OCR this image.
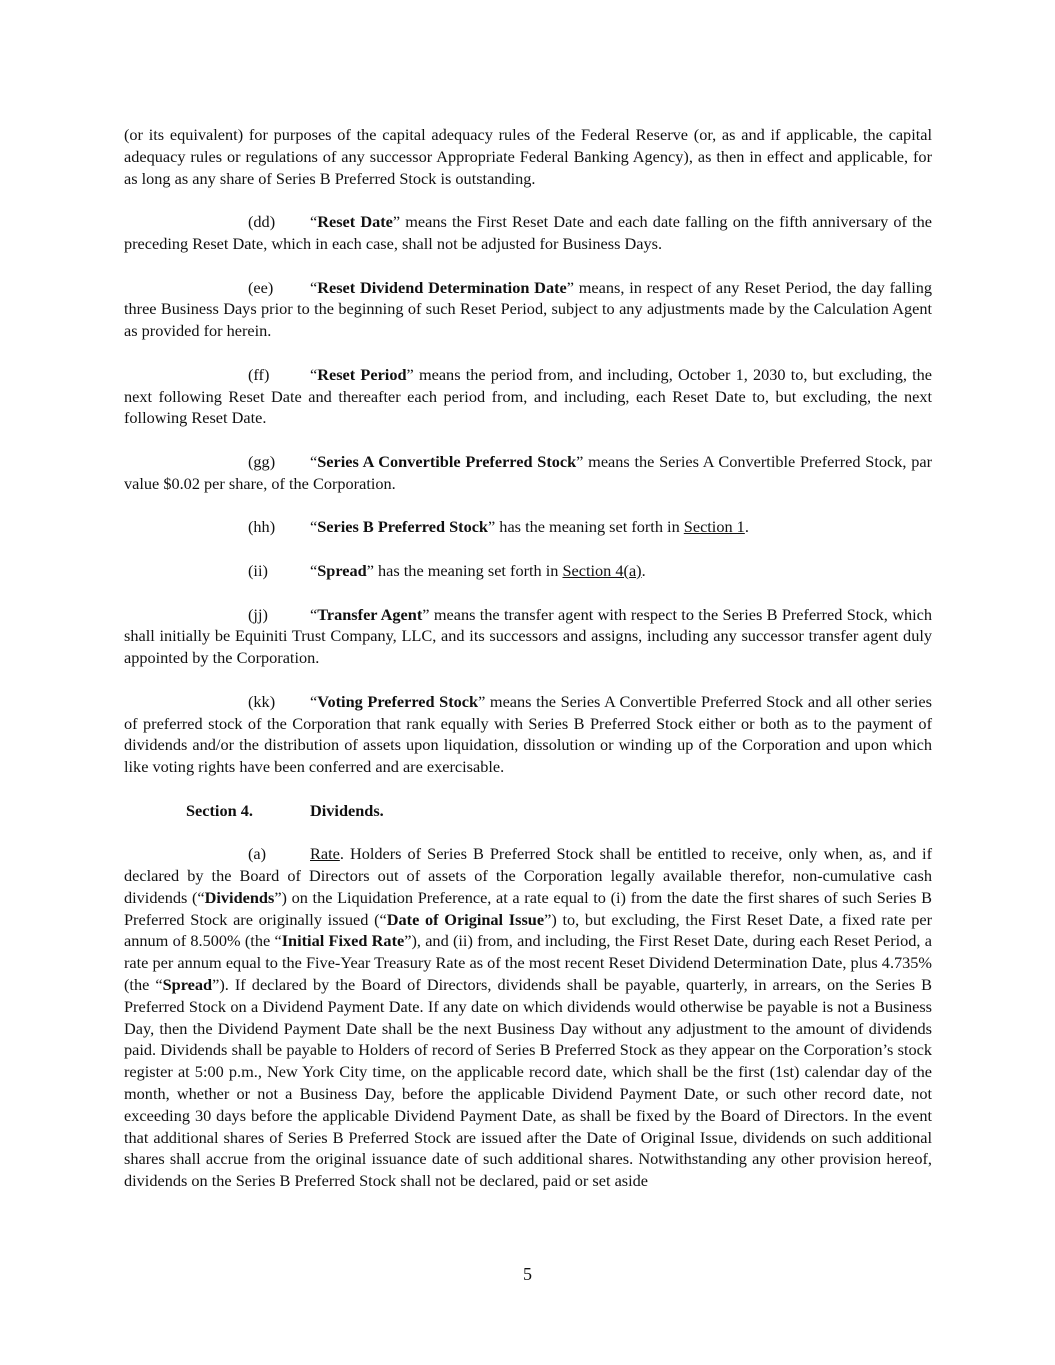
(or its equivalent) for purposes of the capital adequacy rules of the Federal Reserve (or, as and if applicable, the capital adequacy rules or regulations of any successor Appropriate Federal Banking Agency), as then in effect and applicable, for as long as any share of Series B Preferred Stock is outstanding.

(dd) “Reset Date” means the First Reset Date and each date falling on the fifth anniversary of the preceding Reset Date, which in each case, shall not be adjusted for Business Days.

(ee) “Reset Dividend Determination Date” means, in respect of any Reset Period, the day falling three Business Days prior to the beginning of such Reset Period, subject to any adjustments made by the Calculation Agent as provided for herein.

(ff) “Reset Period” means the period from, and including, October 1, 2030 to, but excluding, the next following Reset Date and thereafter each period from, and including, each Reset Date to, but excluding, the next following Reset Date.

(gg) “Series A Convertible Preferred Stock” means the Series A Convertible Preferred Stock, par value $0.02 per share, of the Corporation.

(hh) “Series B Preferred Stock” has the meaning set forth in Section 1.

(ii)	“Spread” has the meaning set forth in Section 4(a).

(jj)	“Transfer Agent” means the transfer agent with respect to the Series B Preferred Stock, which shall initially be Equiniti Trust Company, LLC, and its successors and assigns, including any successor transfer agent duly appointed by the Corporation.

(kk) “Voting Preferred Stock” means the Series A Convertible Preferred Stock and all other series of preferred stock of the Corporation that rank equally with Series B Preferred Stock either or both as to the payment of dividends and/or the distribution of assets upon liquidation, dissolution or winding up of the Corporation and upon which like voting rights have been conferred and are exercisable.

Section 4.	Dividends.

(a)	Rate. Holders of Series B Preferred Stock shall be entitled to receive, only when, as, and if declared by the Board of Directors out of assets of the Corporation legally available therefor, non-cumulative cash dividends (“Dividends”) on the Liquidation Preference, at a rate equal to (i) from the date the first shares of such Series B Preferred Stock are originally issued (“Date of Original Issue”) to, but excluding, the First Reset Date, a fixed rate per annum of 8.500% (the “Initial Fixed Rate”), and (ii) from, and including, the First Reset Date, during each Reset Period, a rate per annum equal to the Five-Year Treasury Rate as of the most recent Reset Dividend Determination Date, plus 4.735% (the “Spread”). If declared by the Board of Directors, dividends shall be payable, quarterly, in arrears, on the Series B Preferred Stock on a Dividend Payment Date. If any date on which dividends would otherwise be payable is not a Business Day, then the Dividend Payment Date shall be the next Business Day without any adjustment to the amount of dividends paid. Dividends shall be payable to Holders of record of Series B Preferred Stock as they appear on the Corporation’s stock register at 5:00 p.m., New York City time, on the applicable record date, which shall be the first (1st) calendar day of the month, whether or not a Business Day, before the applicable Dividend Payment Date, or such other record date, not exceeding 30 days before the applicable Dividend Payment Date, as shall be fixed by the Board of Directors. In the event that additional shares of Series B Preferred Stock are issued after the Date of Original Issue, dividends on such additional shares shall accrue from the original issuance date of such additional shares. Notwithstanding any other provision hereof, dividends on the Series B Preferred Stock shall not be declared, paid or set aside

5
